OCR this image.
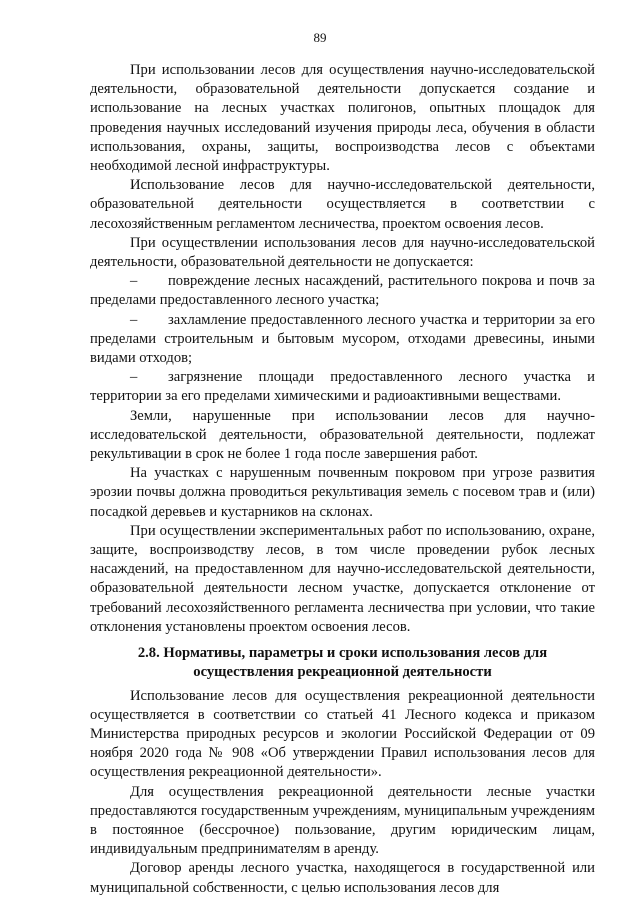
89

При использовании лесов для осуществления научно-исследовательской деятельности, образовательной деятельности допускается создание и использование на лесных участках полигонов, опытных площадок для проведения научных исследований изучения природы леса, обучения в области использования, охраны, защиты, воспроизводства лесов с объектами необходимой лесной инфраструктуры.

Использование лесов для научно-исследовательской деятельности, образовательной деятельности осуществляется в соответствии с лесохозяйственным регламентом лесничества, проектом освоения лесов.

При осуществлении использования лесов для научно-исследовательской деятельности, образовательной деятельности не допускается:

– повреждение лесных насаждений, растительного покрова и почв за пределами предоставленного лесного участка;

– захламление предоставленного лесного участка и территории за его пределами строительным и бытовым мусором, отходами древесины, иными видами отходов;

– загрязнение площади предоставленного лесного участка и территории за его пределами химическими и радиоактивными веществами.

Земли, нарушенные при использовании лесов для научно-исследовательской деятельности, образовательной деятельности, подлежат рекультивации в срок не более 1 года после завершения работ.

На участках с нарушенным почвенным покровом при угрозе развития эрозии почвы должна проводиться рекультивация земель с посевом трав и (или) посадкой деревьев и кустарников на склонах.

При осуществлении экспериментальных работ по использованию, охране, защите, воспроизводству лесов, в том числе проведении рубок лесных насаждений, на предоставленном для научно-исследовательской деятельности, образовательной деятельности лесном участке, допускается отклонение от требований лесохозяйственного регламента лесничества при условии, что такие отклонения установлены проектом освоения лесов.

2.8. Нормативы, параметры и сроки использования лесов для
осуществления рекреационной деятельности

Использование лесов для осуществления рекреационной деятельности осуществляется в соответствии со статьей 41 Лесного кодекса и приказом Министерства природных ресурсов и экологии Российской Федерации от 09 ноября 2020 года № 908 «Об утверждении Правил использования лесов для осуществления рекреационной деятельности».

Для осуществления рекреационной деятельности лесные участки предоставляются государственным учреждениям, муниципальным учреждениям в постоянное (бессрочное) пользование, другим юридическим лицам, индивидуальным предпринимателям в аренду.

Договор аренды лесного участка, находящегося в государственной или муниципальной собственности, с целью использования лесов для
